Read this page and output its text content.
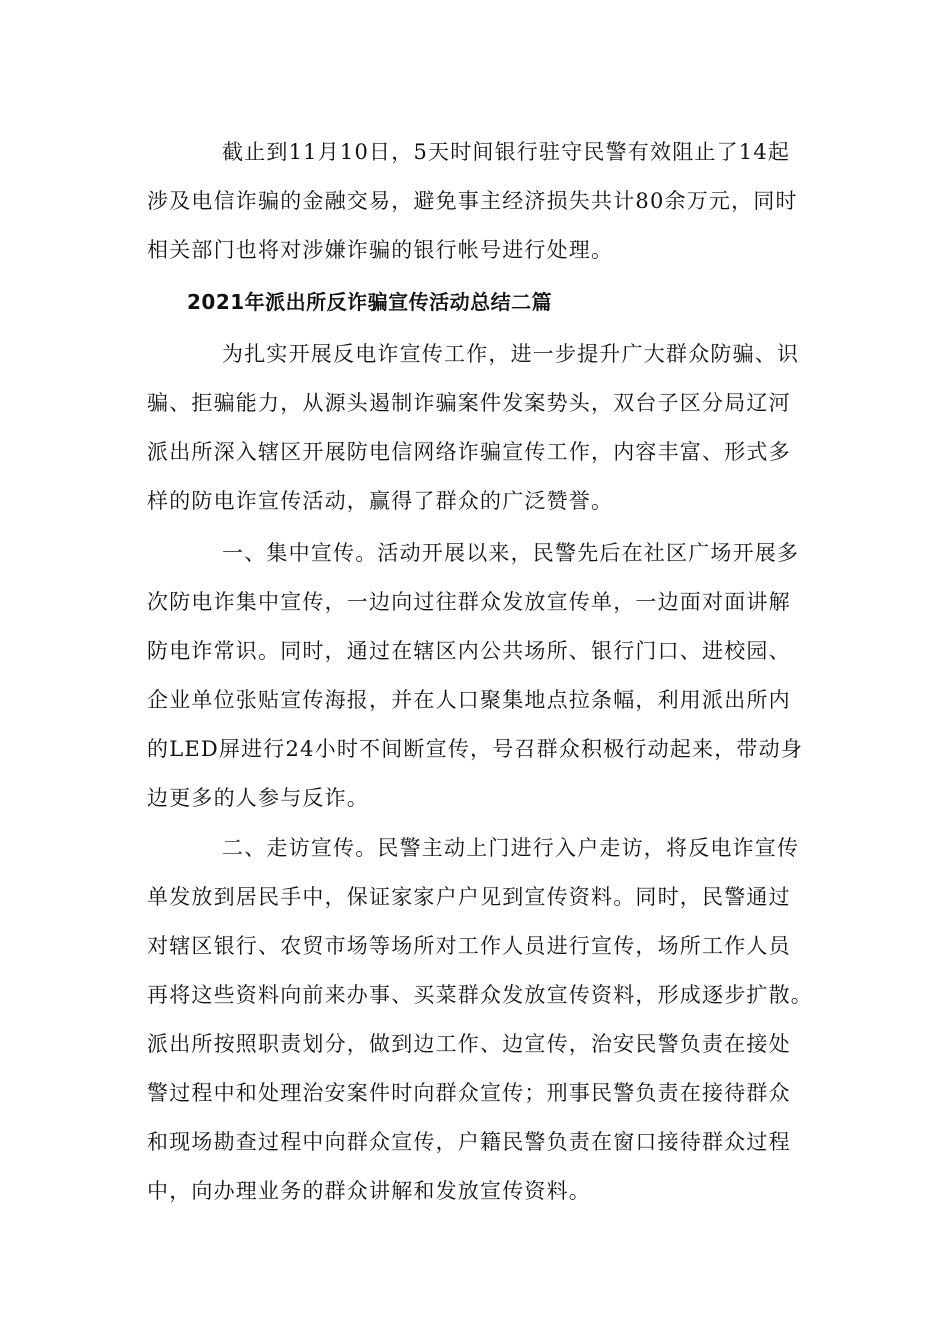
截止到11月10日，5天时间银行驻守民警有效阻止了14起
涉及电信诈骗的金融交易，避免事主经济损失共计80余万元，同时
相关部门也将对涉嫌诈骗的银行帐号进行处理。
2021年派出所反诈骗宣传活动总结二篇
为扎实开展反电诈宣传工作，进一步提升广大群众防骗、识
骗、拒骗能力，从源头遏制诈骗案件发案势头，双台子区分局辽河
派出所深入辖区开展防电信网络诈骗宣传工作，内容丰富、形式多
样的防电诈宣传活动，赢得了群众的广泛赞誉。
一、集中宣传。活动开展以来，民警先后在社区广场开展多
次防电诈集中宣传，一边向过往群众发放宣传单，一边面对面讲解
防电诈常识。同时，通过在辖区内公共场所、银行门口、进校园、
企业单位张贴宣传海报，并在人口聚集地点拉条幅，利用派出所内
的LED屏进行24小时不间断宣传，号召群众积极行动起来，带动身
边更多的人参与反诈。
二、走访宣传。民警主动上门进行入户走访，将反电诈宣传
单发放到居民手中，保证家家户户见到宣传资料。同时，民警通过
对辖区银行、农贸市场等场所对工作人员进行宣传，场所工作人员
再将这些资料向前来办事、买菜群众发放宣传资料，形成逐步扩散。
派出所按照职责划分，做到边工作、边宣传，治安民警负责在接处
警过程中和处理治安案件时向群众宣传；刑事民警负责在接待群众
和现场勘查过程中向群众宣传，户籍民警负责在窗口接待群众过程
中，向办理业务的群众讲解和发放宣传资料。
